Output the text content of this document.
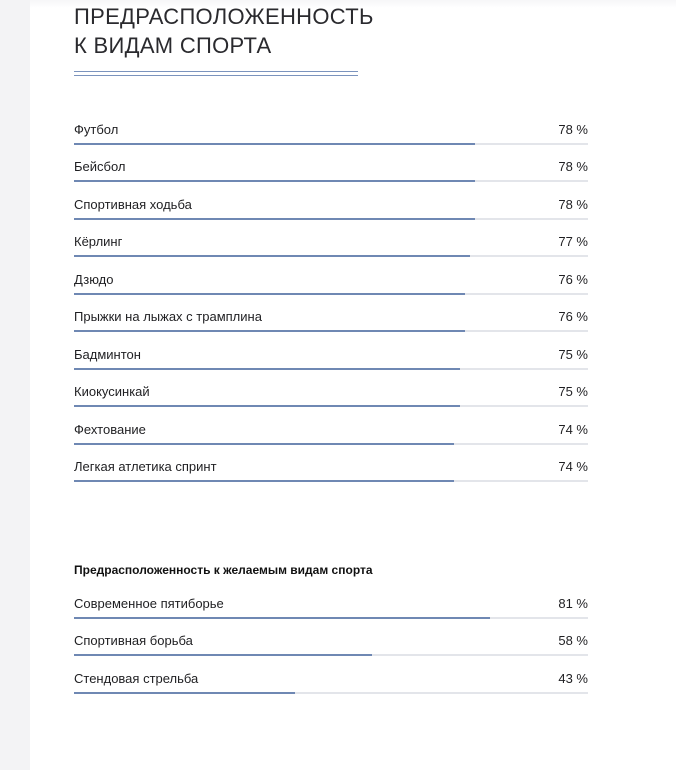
ПРЕДРАСПОЛОЖЕННОСТЬ
К ВИДАМ СПОРТА
Футбол	78 %
Бейсбол	78 %
Спортивная ходьба	78 %
Кёрлинг	77 %
Дзюдо	76 %
Прыжки на лыжах с трамплина	76 %
Бадминтон	75 %
Киокусинкай	75 %
Фехтование	74 %
Легкая атлетика спринт	74 %
Предрасположенность к желаемым видам спорта
Современное пятиборье	81 %
Спортивная борьба	58 %
Стендовая стрельба	43 %
